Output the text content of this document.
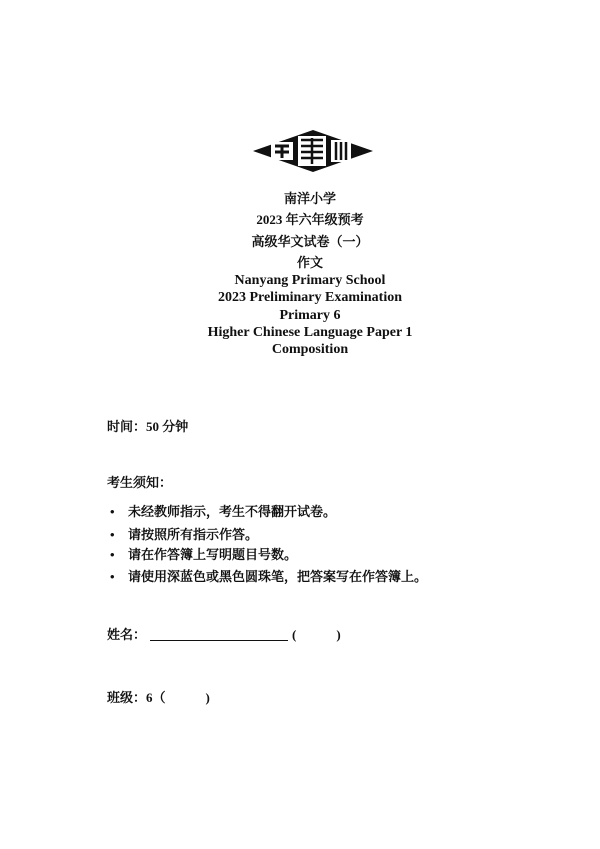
南洋小学
2023 年六年级预考
高级华文试卷（一）
作文
Nanyang Primary School
2023 Preliminary Examination
Primary 6
Higher Chinese Language Paper 1
Composition
时间：50 分钟
考生须知：
• 未经教师指示，考生不得翻开试卷。
• 请按照所有指示作答。
• 请在作答簿上写明题目号数。
• 请使用深蓝色或黑色圆珠笔，把答案写在作答簿上。
姓名：	(	)
班级：6（	)
